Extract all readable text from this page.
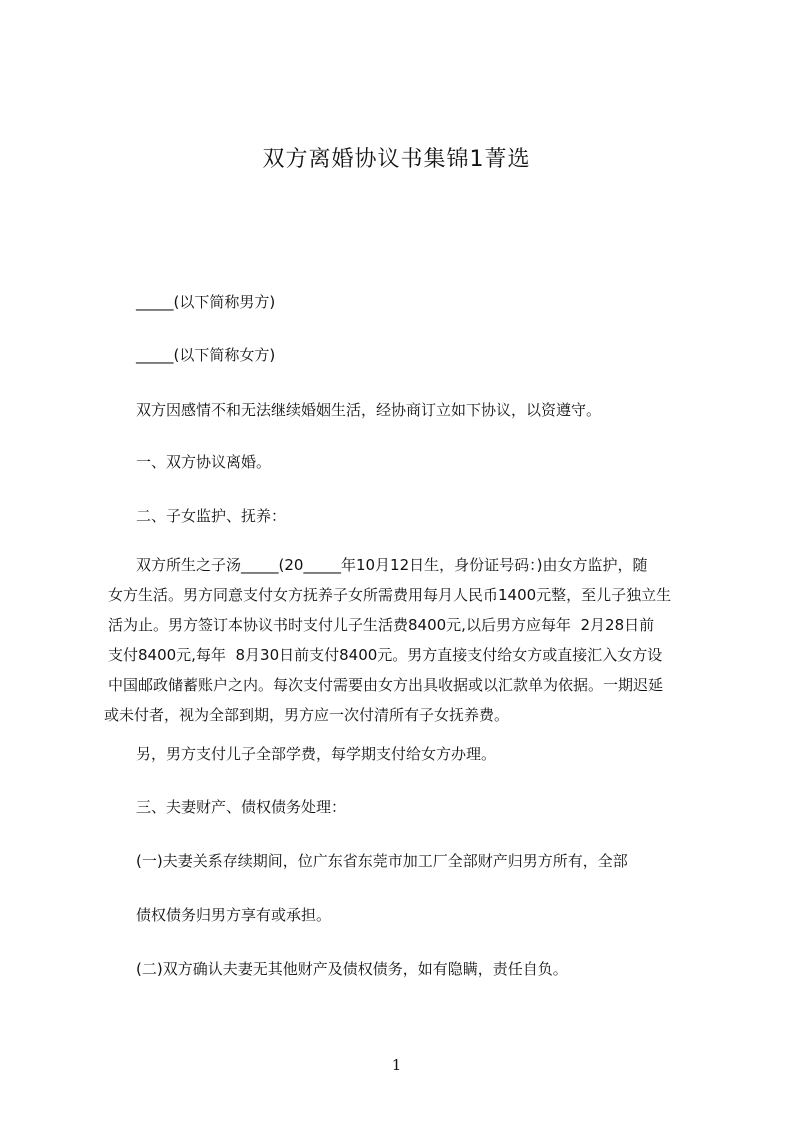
双方离婚协议书集锦1菁选
_____(以下简称男方)
_____(以下简称女方)
双方因感情不和无法继续婚姻生活，经协商订立如下协议，以资遵守。
一、双方协议离婚。
二、子女监护、抚养：
双方所生之子汤_____(20_____年10月12日生，身份证号码：)由女方监护，随
女方生活。男方同意支付女方抚养子女所需费用每月人民币1400元整，至儿子独立生
活为止。男方签订本协议书时支付儿子生活费8400元,以后男方应每年  2月28日前
支付8400元,每年  8月30日前支付8400元。男方直接支付给女方或直接汇入女方设
中国邮政储蓄账户之内。每次支付需要由女方出具收据或以汇款单为依据。一期迟延
或未付者，视为全部到期，男方应一次付清所有子女抚养费。
另，男方支付儿子全部学费，每学期支付给女方办理。
三、夫妻财产、债权债务处理：
(一)夫妻关系存续期间，位广东省东莞市加工厂全部财产归男方所有，全部
债权债务归男方享有或承担。
(二)双方确认夫妻无其他财产及债权债务，如有隐瞒，责任自负。
1
